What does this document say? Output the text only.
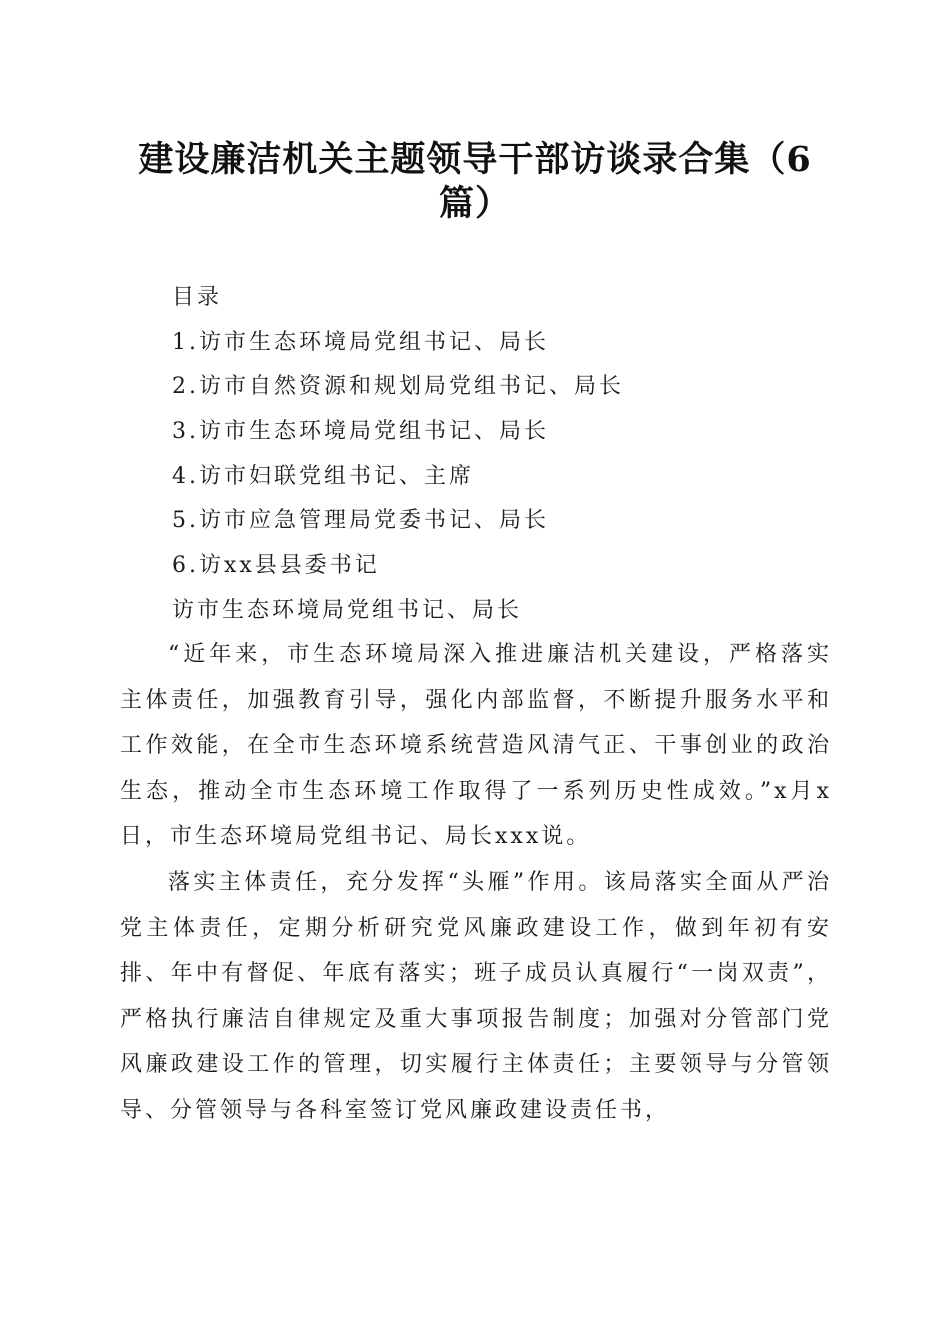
建设廉洁机关主题领导干部访谈录合集（6篇）
目录
1.访市生态环境局党组书记、局长
2.访市自然资源和规划局党组书记、局长
3.访市生态环境局党组书记、局长
4.访市妇联党组书记、主席
5.访市应急管理局党委书记、局长
6.访xx县县委书记
访市生态环境局党组书记、局长

“近年来，市生态环境局深入推进廉洁机关建设，严格落实主体责任，加强教育引导，强化内部监督，不断提升服务水平和工作效能，在全市生态环境系统营造风清气正、干事创业的政治生态，推动全市生态环境工作取得了一系列历史性成效。”x月x日，市生态环境局党组书记、局长xxx说。

落实主体责任，充分发挥“头雁”作用。该局落实全面从严治党主体责任，定期分析研究党风廉政建设工作，做到年初有安排、年中有督促、年底有落实；班子成员认真履行“一岗双责”，严格执行廉洁自律规定及重大事项报告制度；加强对分管部门党风廉政建设工作的管理，切实履行主体责任；主要领导与分管领导、分管领导与各科室签订党风廉政建设责任书，
